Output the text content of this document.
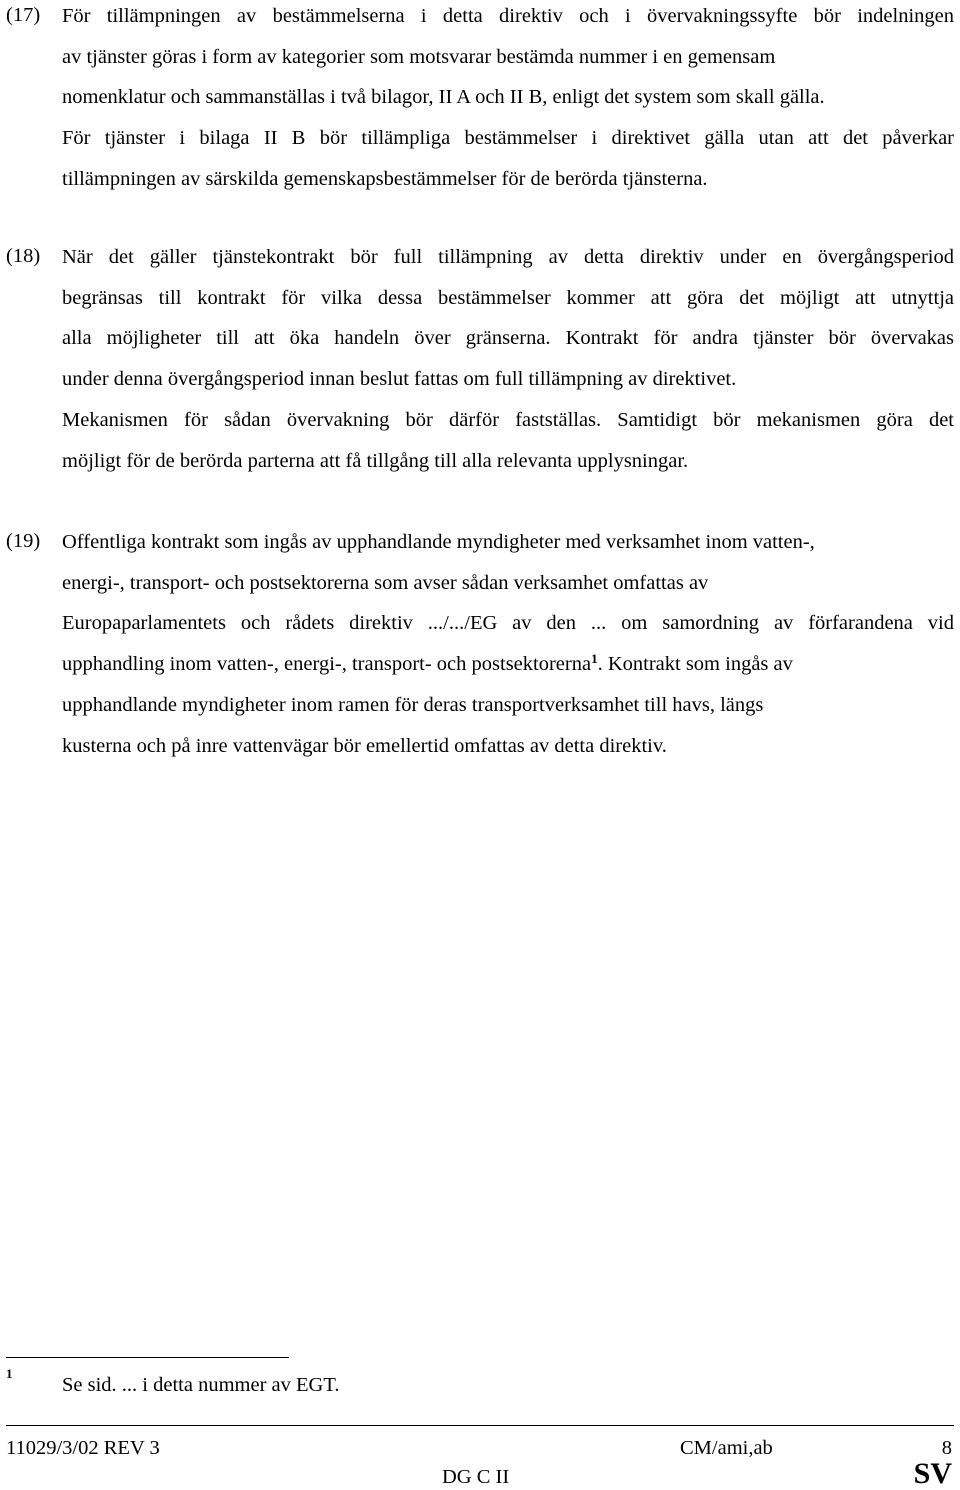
(17) För tillämpningen av bestämmelserna i detta direktiv och i övervakningssyfte bör indelningen
av tjänster göras i form av kategorier som motsvarar bestämda nummer i en gemensam
nomenklatur och sammanställas i två bilagor, II A och II B, enligt det system som skall gälla.
För tjänster i bilaga II B bör tillämpliga bestämmelser i direktivet gälla utan att det påverkar
tillämpningen av särskilda gemenskapsbestämmelser för de berörda tjänsterna.
(18) När det gäller tjänstekontrakt bör full tillämpning av detta direktiv under en övergångsperiod
begränsas till kontrakt för vilka dessa bestämmelser kommer att göra det möjligt att utnyttja
alla möjligheter till att öka handeln över gränserna. Kontrakt för andra tjänster bör övervakas
under denna övergångsperiod innan beslut fattas om full tillämpning av direktivet.
Mekanismen för sådan övervakning bör därför fastställas. Samtidigt bör mekanismen göra det
möjligt för de berörda parterna att få tillgång till alla relevanta upplysningar.
(19) Offentliga kontrakt som ingås av upphandlande myndigheter med verksamhet inom vatten-,
energi-, transport- och postsektorerna som avser sådan verksamhet omfattas av
Europaparlamentets och rådets direktiv .../.../EG av den ... om samordning av förfarandena vid
upphandling inom vatten-, energi-, transport- och postsektorerna$^1$. Kontrakt som ingås av
upphandlande myndigheter inom ramen för deras transportverksamhet till havs, längs
kusterna och på inre vattenvägar bör emellertid omfattas av detta direktiv.
1
Se sid. ... i detta nummer av EGT.
11029/3/02 REV 3	CM/ami,ab	8
DG C II	SV
